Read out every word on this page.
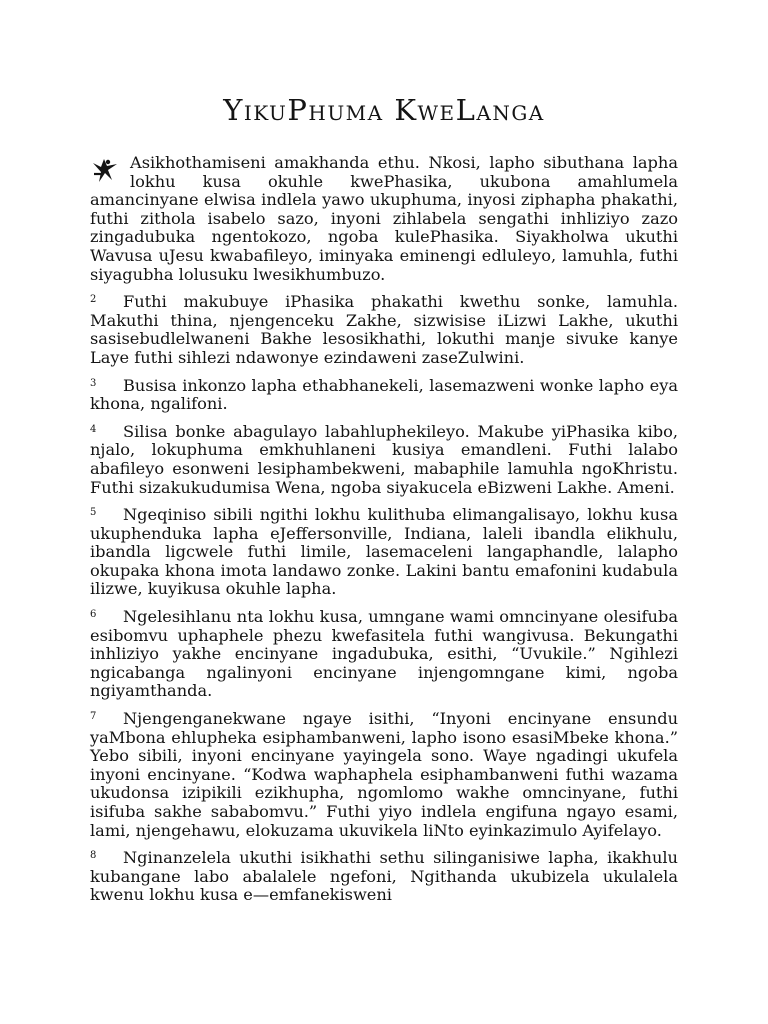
YikuPhuma KweLanga

Asikhothamiseni amakhanda ethu. Nkosi, lapho sibuthana lapha lokhu kusa okuhle kwePhasika, ukubona amahlumela amancinyane elwisa indlela yawo ukuphuma, inyosi ziphapha phakathi, futhi zithola isabelo sazo, inyoni zihlabela sengathi inhliziyo zazo zingadubuka ngentokozo, ngoba kulePhasika. Siyakholwa ukuthi Wavusa uJesu kwabafileyo, iminyaka eminengi edluleyo, lamuhla, futhi siyagubha lolusuku lwesikhumbuzo.

2 Futhi makubuye iPhasika phakathi kwethu sonke, lamuhla. Makuthi thina, njengenceku Zakhe, sizwisise iLizwi Lakhe, ukuthi sasisebudlelwaneni Bakhe lesosikhathi, lokuthi manje sivuke kanye Laye futhi sihlezi ndawonye ezindaweni zaseZulwini.

3 Busisa inkonzo lapha ethabhanekeli, lasemazweni wonke lapho eya khona, ngalifoni.

4 Silisa bonke abagulayo labahluphekileyo. Makube yiPhasika kibo, njalo, lokuphuma emkhuhlaneni kusiya emandleni. Futhi lalabo abafileyo esonweni lesiphambekweni, mabaphile lamuhla ngoKhristu. Futhi sizakukudumisa Wena, ngoba siyakucela eBizweni Lakhe. Ameni.

5 Ngeqiniso sibili ngithi lokhu kulithuba elimangalisayo, lokhu kusa ukuphenduka lapha eJeffersonville, Indiana, laleli ibandla elikhulu, ibandla ligcwele futhi limile, lasemaceleni langaphandle, lalapho okupaka khona imota landawo zonke. Lakini bantu emafonini kudabula ilizwe, kuyikusa okuhle lapha.

6 Ngelesihlanu nta lokhu kusa, umngane wami omncinyane olesifuba esibomvu uphaphele phezu kwefasitela futhi wangivusa. Bekungathi inhliziyo yakhe encinyane ingadubuka, esithi, “Uvukile.” Ngihlezi ngicabanga ngalinyoni encinyane injengomngane kimi, ngoba ngiyamthanda.

7 Njengenganekwane ngaye isithi, “Inyoni encinyane ensundu yaMbona ehlupheka esiphambanweni, lapho isono esasiMbeke khona.” Yebo sibili, inyoni encinyane yayingela sono. Waye ngadingi ukufela inyoni encinyane. “Kodwa waphaphela esiphambanweni futhi wazama ukudonsa izipikili ezikhupha, ngomlomo wakhe omncinyane, futhi isifuba sakhe sababomvu.” Futhi yiyo indlela engifuna ngayo esami, lami, njengehawu, elokuzama ukuvikela liNto eyinkazimulo Ayifelayo.

8 Nginanzelela ukuthi isikhathi sethu silinganisiwe lapha, ikakhulu kubangane labo abalalele ngefoni, Ngithanda ukubizela ukulalela kwenu lokhu kusa e—emfanekisweni
